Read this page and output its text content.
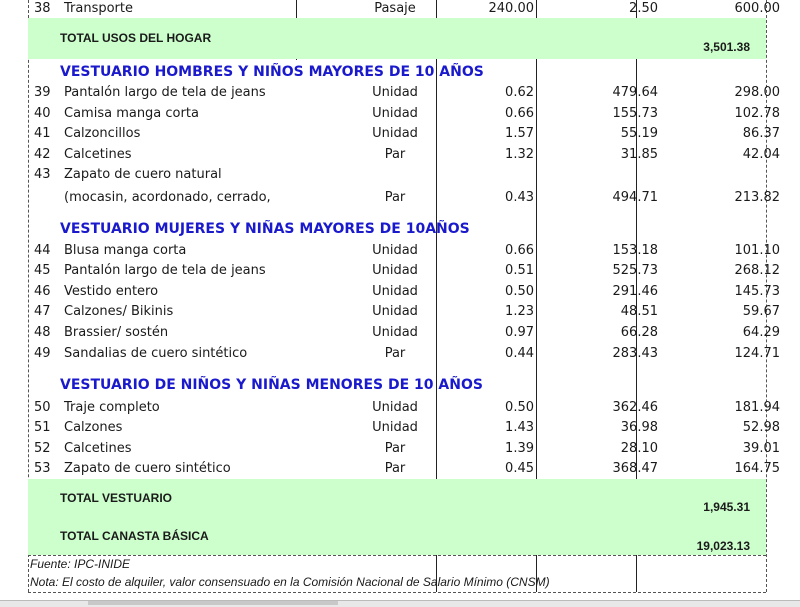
38 Transporte	Pasaje	240.00	2.50	600.00
TOTAL USOS DEL HOGAR
3,501.38
VESTUARIO HOMBRES Y NIÑOS MAYORES DE 10 AÑOS
39 Pantalón largo de tela de jeans	Unidad	0.62	479.64	298.00
40 Camisa manga corta	Unidad	0.66	155.73	102.78
41 Calzoncillos	Unidad	1.57	55.19	86.37
42 Calcetines	Par	1.32	31.85	42.04
43 Zapato de cuero natural
(mocasin, acordonado, cerrado,	Par	0.43	494.71	213.82
VESTUARIO MUJERES Y NIÑAS MAYORES DE 10AÑOS
44 Blusa manga corta	Unidad	0.66	153.18	101.10
45 Pantalón largo de tela de jeans	Unidad	0.51	525.73	268.12
46 Vestido entero	Unidad	0.50	291.46	145.73
47 Calzones/ Bikinis	Unidad	1.23	48.51	59.67
48 Brassier/ sostén	Unidad	0.97	66.28	64.29
49 Sandalias de cuero sintético	Par	0.44	283.43	124.71
VESTUARIO DE NIÑOS Y NIÑAS MENORES DE 10 AÑOS
50 Traje completo	Unidad	0.50	362.46	181.94
51 Calzones	Unidad	1.43	36.98	52.98
52 Calcetines	Par	1.39	28.10	39.01
53 Zapato de cuero sintético	Par	0.45	368.47	164.75
TOTAL VESTUARIO
1,945.31
TOTAL CANASTA BÁSICA
19,023.13
Fuente: IPC-INIDE
Nota: El costo de alquiler, valor consensuado en la Comisión Nacional de Salario Mínimo (CNSM)
